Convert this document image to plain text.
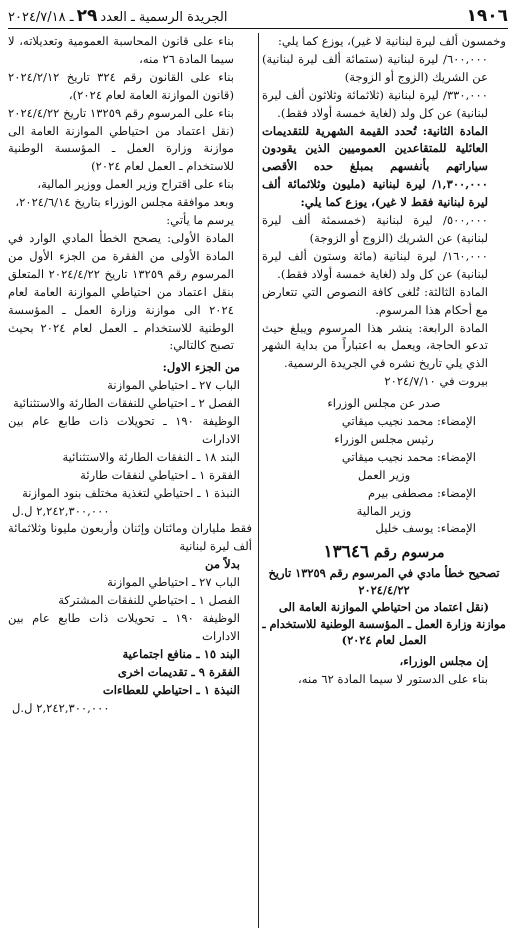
١٩٠٦
الجريدة الرسمية ـ العدد٢٩ـ ٢٠٢٤/٧/١٨

وخمسون ألف ليرة لبنانية لا غير)، يوزع كما يلي:

٦٠٠,٠٠٠/ ليرة لبنانية (ستمائة ألف ليرة لبنانية) عن الشريك (الزوج أو الزوجة)

٣٣٠,٠٠٠/ ليرة لبنانية (ثلاثمائة وثلاثون ألف ليرة لبنانية) عن كل ولد (لغاية خمسة أولاد فقط).

المادة الثانية: تُحدد القيمة الشهرية للتقديمات العائلية للمتقاعدين العموميين الذين يقودون سياراتهم بأنفسهم بمبلغ حده الأقصى ١,٣٠٠,٠٠٠/ ليرة لبنانية (مليون وثلاثمائة ألف ليرة لبنانية فقط لا غير)، يوزع كما يلي:

٥٠٠,٠٠٠/ ليرة لبنانية (خمسمئة ألف ليرة لبنانية) عن الشريك (الزوج أو الزوجة)

١٦٠,٠٠٠/ ليرة لبنانية (مائة وستون ألف ليرة لبنانية) عن كل ولد (لغاية خمسة أولاد فقط).

المادة الثالثة: تُلغى كافة النصوص التي تتعارض مع أحكام هذا المرسوم.

المادة الرابعة: ينشر هذا المرسوم ويبلغ حيث تدعو الحاجة، ويعمل به اعتباراً من بداية الشهر الذي يلي تاريخ نشره في الجريدة الرسمية.

بيروت في ٢٠٢٤/٧/١٠

صدر عن مجلس الوزراء

الإمضاء: محمد نجيب ميقاتي

رئيس مجلس الوزراء

الإمضاء: محمد نجيب ميقاتي

وزير العمل

الإمضاء: مصطفى بيرم

وزير المالية

الإمضاء: يوسف خليل

مرسوم رقم ١٣٦٤٦

تصحيح خطأ مادي في المرسوم رقم ١٣٢٥٩ تاريخ ٢٠٢٤/٤/٢٢

(نقل اعتماد من احتياطي الموازنة العامة الى موازنة وزارة العمل ـ المؤسسة الوطنية للاستخدام ـ العمل لعام ٢٠٢٤)

إن مجلس الوزراء،

بناء على الدستور لا سيما المادة ٦٢ منه،

بناء على قانون المحاسبة العمومية وتعديلاته، لا سيما المادة ٢٦ منه،

بناء على القانون رقم ٣٢٤ تاريخ ٢٠٢٤/٢/١٢ (قانون الموازنة العامة لعام ٢٠٢٤)،

بناء على المرسوم رقم ١٣٢٥٩ تاريخ ٢٠٢٤/٤/٢٢ (نقل اعتماد من احتياطي الموازنة العامة الى موازنة وزارة العمل ـ المؤسسة الوطنية للاستخدام ـ العمل لعام ٢٠٢٤)

بناء على اقتراح وزير العمل ووزير المالية،

وبعد موافقة مجلس الوزراء بتاريخ ٢٠٢٤/٦/١٤،

يرسم ما يأتي:

المادة الأولى: يصحح الخطأ المادي الوارد في المادة الأولى من الفقرة من الجزء الأول من المرسوم رقم ١٣٢٥٩ تاريخ ٢٠٢٤/٤/٢٢ المتعلق بنقل اعتماد من احتياطي الموازنة العامة لعام ٢٠٢٤ الى موازنة وزارة العمل ـ المؤسسة الوطنية للاستخدام ـ العمل لعام ٢٠٢٤ بحيث تصبح كالتالي:

من الجزء الاول:

الباب ٢٧ ـ احتياطي الموازنة

الفصل ٢ ـ احتياطي للنفقات الطارئة والاستثنائية

الوظيفة ١٩٠ ـ تحويلات ذات طابع عام بين الادارات

البند ١٨ ـ النفقات الطارئة والاستثنائية

الفقرة ١ ـ احتياطي لنفقات طارئة

النبذة ١ ـ احتياطي لتغذية مختلف بنود الموازنة

٢,٢٤٢,٣٠٠,٠٠٠ ل.ل

فقط ملياران ومائتان وإثنان وأربعون مليونا وثلاثمائة ألف ليرة لبنانية

بدلاً من

الباب ٢٧ ـ احتياطي الموازنة

الفصل ١ ـ احتياطي للنفقات المشتركة

الوظيفة ١٩٠ ـ تحويلات ذات طابع عام بين الادارات

البند ١٥ ـ منافع اجتماعية

الفقرة ٩ ـ تقديمات اخرى

النبذة ١ ـ احتياطي للعطاءات

٢,٢٤٢,٣٠٠,٠٠٠ ل.ل
